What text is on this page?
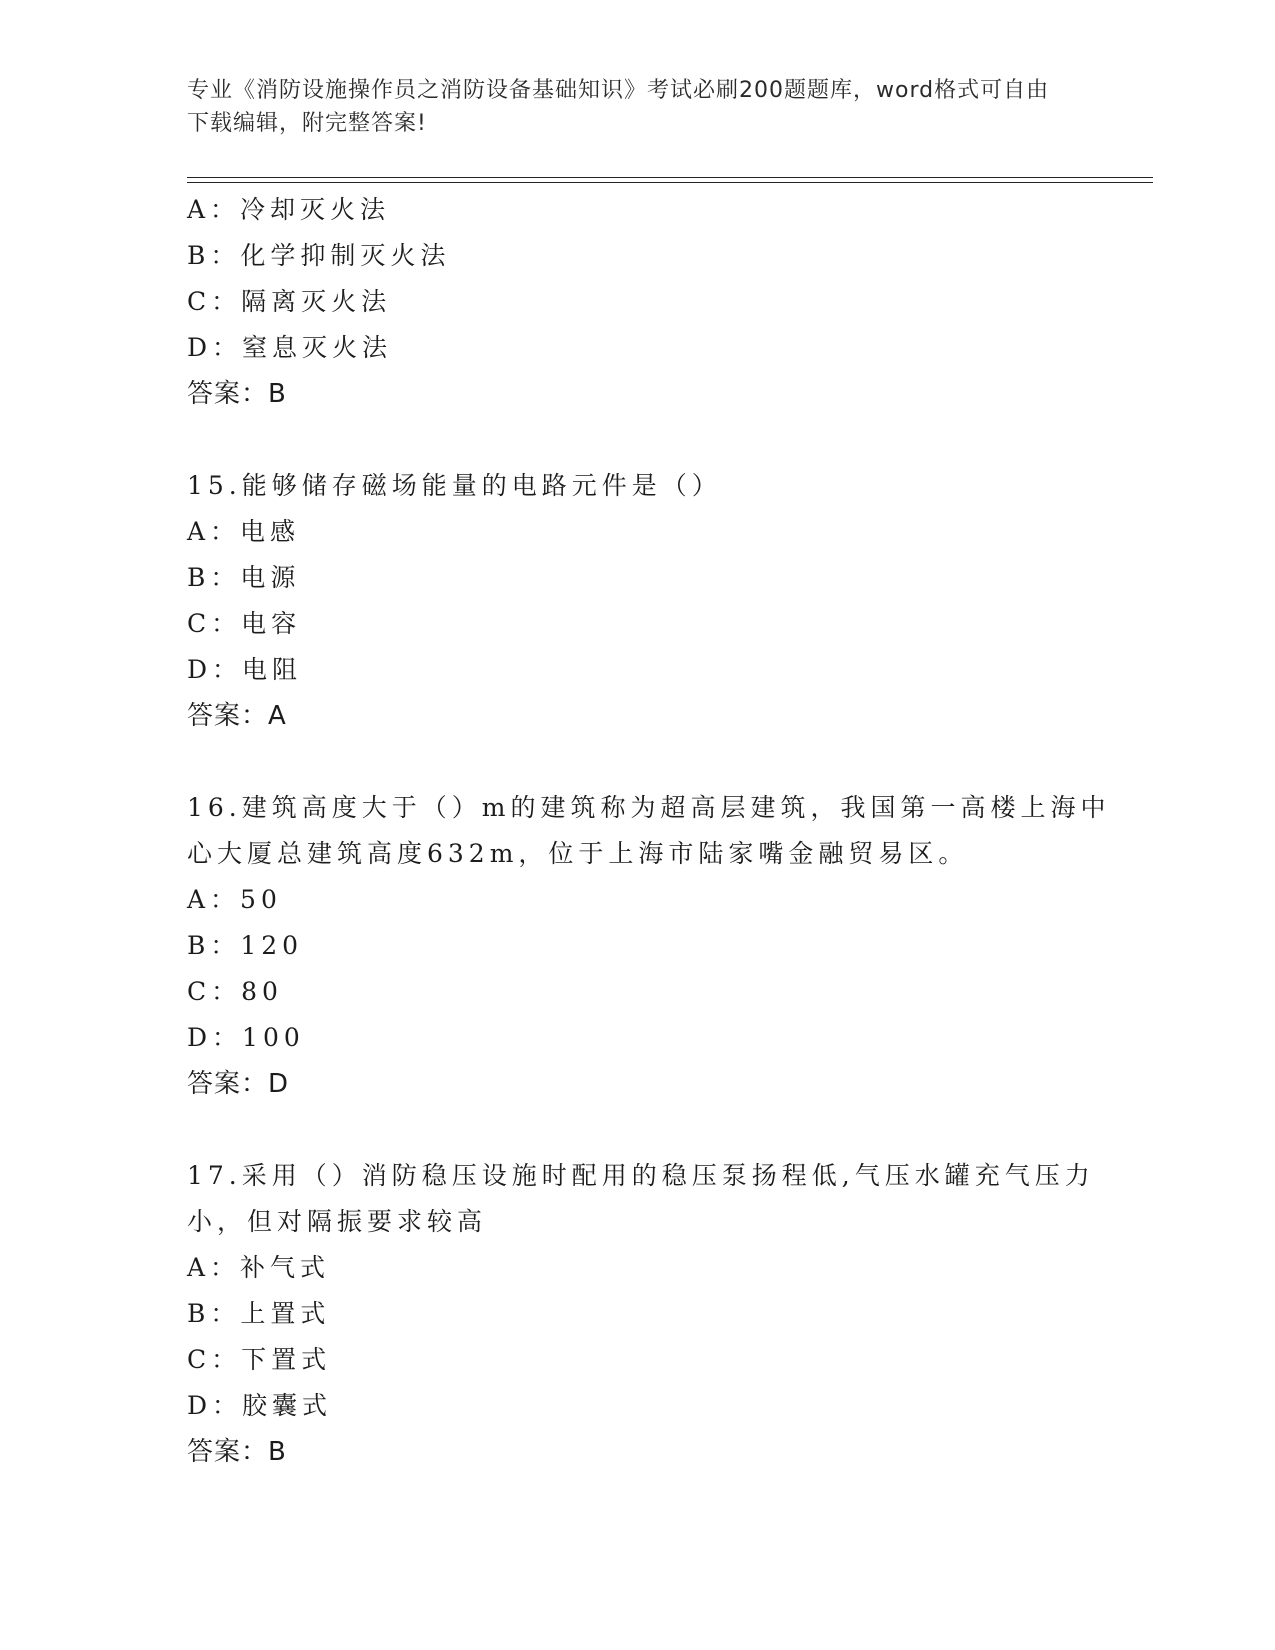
专业《消防设施操作员之消防设备基础知识》考试必刷200题题库，word格式可自由下载编辑，附完整答案!
A：冷却灭火法
B：化学抑制灭火法
C：隔离灭火法
D：窒息灭火法
答案：B
15.能够储存磁场能量的电路元件是（）
A：电感
B：电源
C：电容
D：电阻
答案：A
16.建筑高度大于（）m的建筑称为超高层建筑，我国第一高楼上海中
心大厦总建筑高度632m，位于上海市陆家嘴金融贸易区。
A：50
B：120
C：80
D：100
答案：D
17.采用（）消防稳压设施时配用的稳压泵扬程低,气压水罐充气压力
小，但对隔振要求较高
A：补气式
B：上置式
C：下置式
D：胶囊式
答案：B
